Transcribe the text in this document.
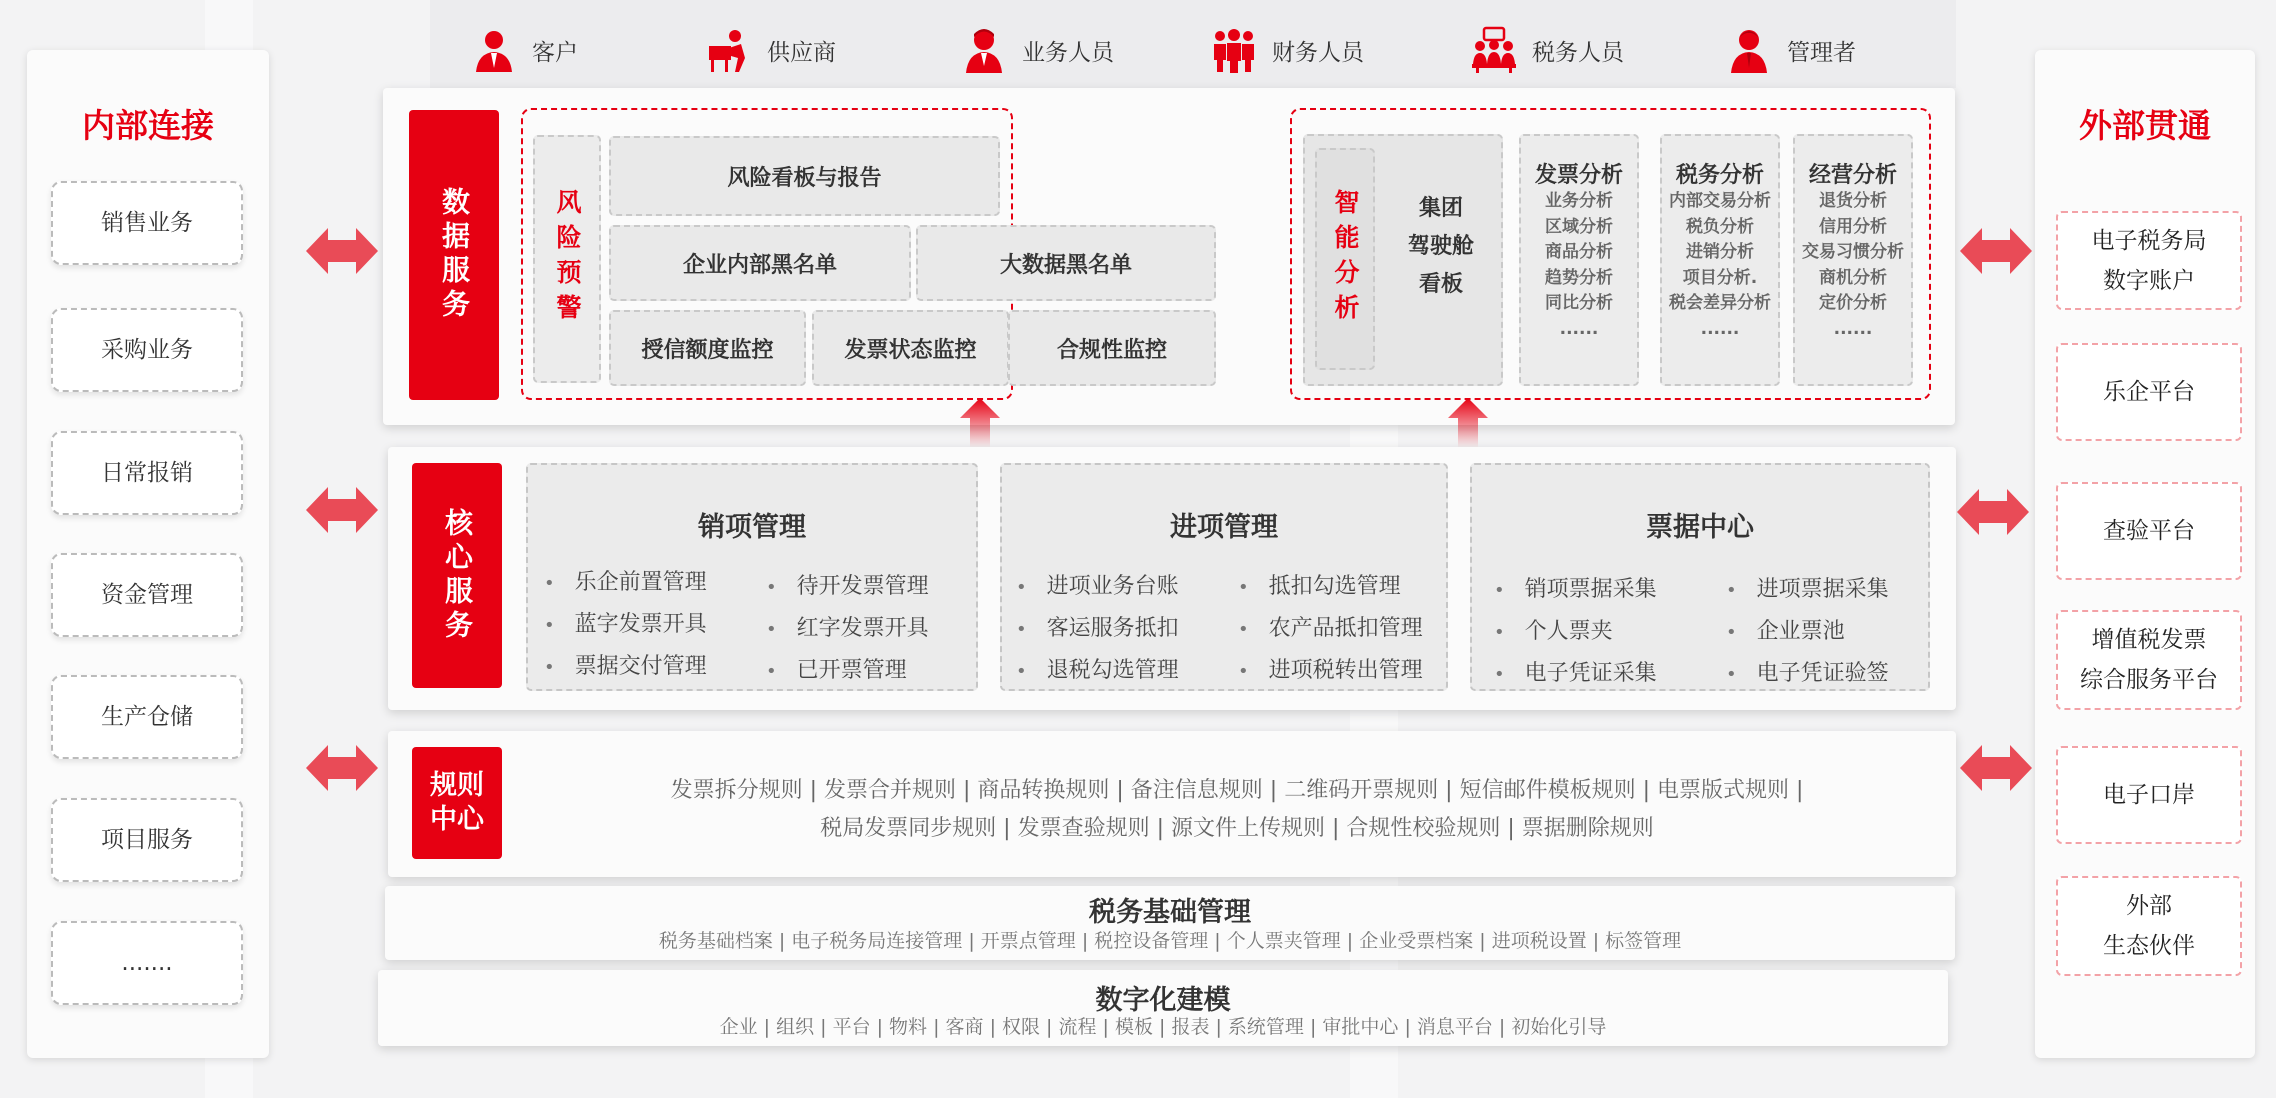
内部连接
销售业务
采购业务
日常报销
资金管理
生产仓储
项目服务
.......
外部贯通
电子税务局
数字账户
乐企平台
查验平台
增值税发票
综合服务平台
电子口岸
外部
生态伙伴
客户	供应商	业务人员	财务人员	税务人员	管理者
数据服务	风险预警
风险看板与报告
企业内部黑名单	大数据黑名单
授信额度监控	发票状态监控	合规性监控
智能分析	集团
驾驶舱
看板
发票分析
业务分析
区域分析
商品分析
趋势分析
同比分析
......
税务分析
内部交易分析
税负分析
进销分析
项目分析.
税会差异分析
......
经营分析
退货分析
信用分析
交易习惯分析
商机分析
定价分析
......
核心服务	销项管理
• 乐企前置管理
• 蓝字发票开具
• 票据交付管理
• 待开发票管理
• 红字发票开具
• 已开票管理
进项管理
• 进项业务台账
• 客运服务抵扣
• 退税勾选管理
• 抵扣勾选管理
• 农产品抵扣管理
• 进项税转出管理
票据中心
• 销项票据采集
• 个人票夹
• 电子凭证采集
• 进项票据采集
• 企业票池
• 电子凭证验签
规则
中心
发票拆分规则 | 发票合并规则 | 商品转换规则 | 备注信息规则 | 二维码开票规则 | 短信邮件模板规则 | 电票版式规则 |
税局发票同步规则 | 发票查验规则 | 源文件上传规则 | 合规性校验规则 | 票据删除规则
税务基础管理
税务基础档案 | 电子税务局连接管理 | 开票点管理 | 税控设备管理 | 个人票夹管理 | 企业受票档案 | 进项税设置 | 标签管理
数字化建模
企业 | 组织 | 平台 | 物料 | 客商 | 权限 | 流程 | 模板 | 报表 | 系统管理 | 审批中心 | 消息平台 | 初始化引导
